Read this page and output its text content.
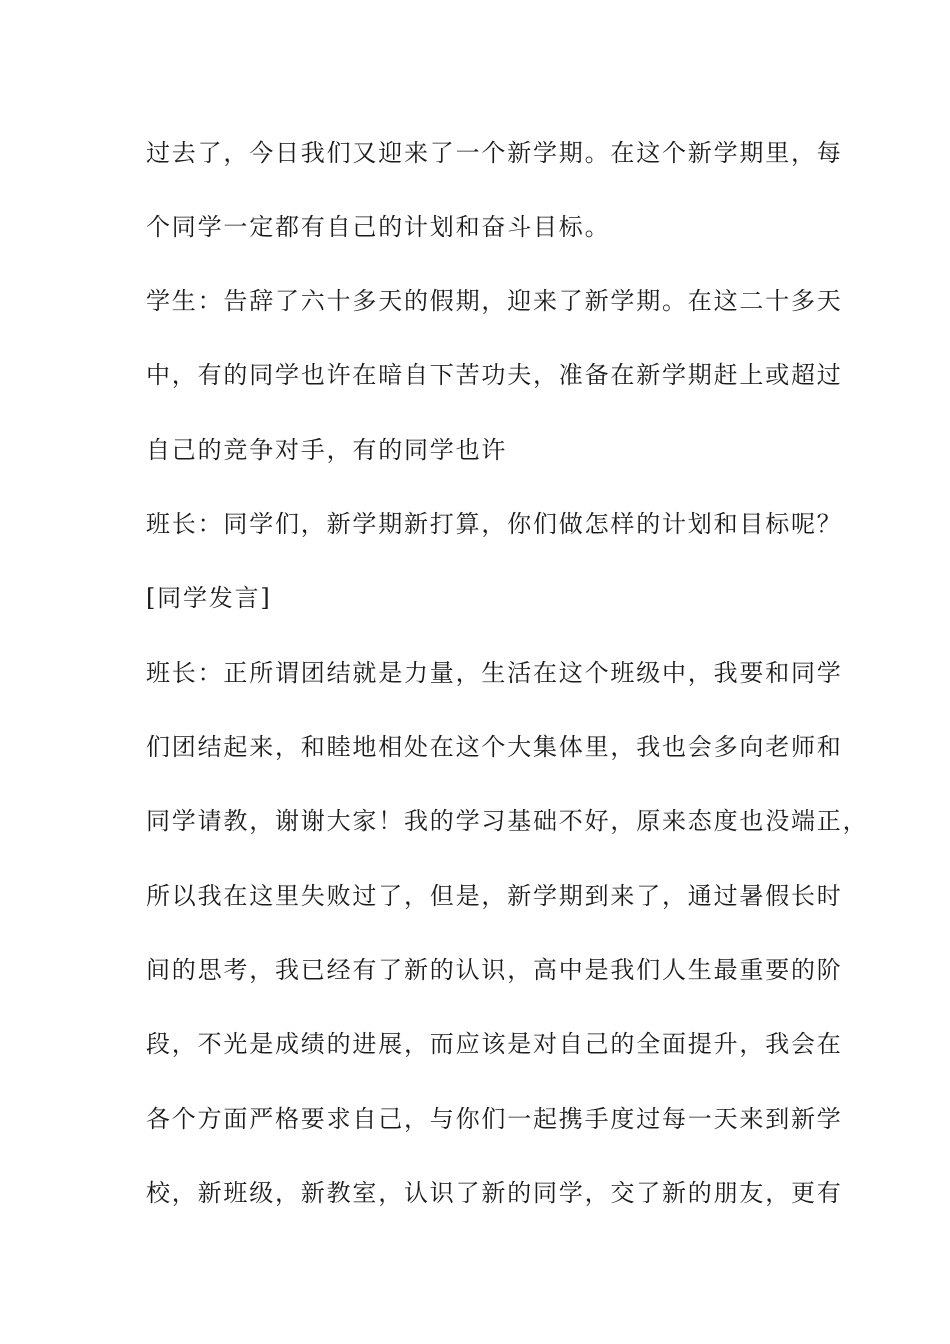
过去了，今日我们又迎来了一个新学期。在这个新学期里，每
个同学一定都有自己的计划和奋斗目标。
学生：告辞了六十多天的假期，迎来了新学期。在这二十多天
中，有的同学也许在暗自下苦功夫，准备在新学期赶上或超过
自己的竞争对手，有的同学也许
班长：同学们，新学期新打算，你们做怎样的计划和目标呢？
[同学发言]
班长：正所谓团结就是力量，生活在这个班级中，我要和同学
们团结起来，和睦地相处在这个大集体里，我也会多向老师和
同学请教，谢谢大家！我的学习基础不好，原来态度也没端正，
所以我在这里失败过了，但是，新学期到来了，通过暑假长时
间的思考，我已经有了新的认识，高中是我们人生最重要的阶
段，不光是成绩的进展，而应该是对自己的全面提升，我会在
各个方面严格要求自己，与你们一起携手度过每一天来到新学
校，新班级，新教室，认识了新的同学，交了新的朋友，更有
